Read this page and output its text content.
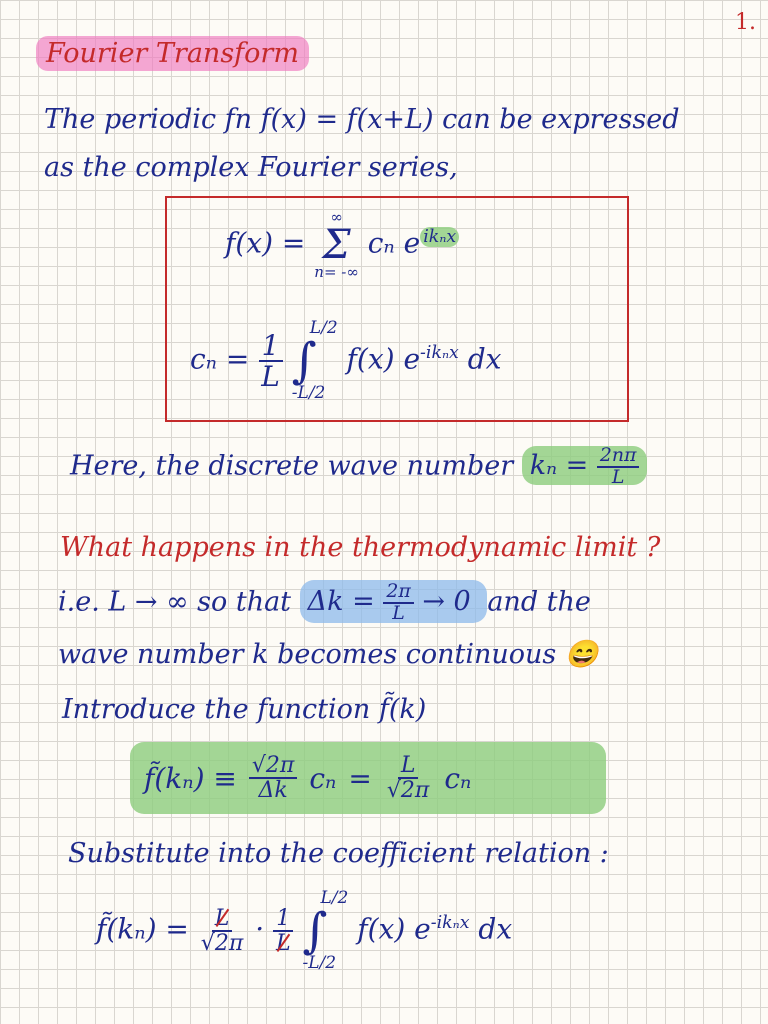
1.
Fourier Transform
The periodic fn f(x) = f(x+L) can be expressed
as the complex Fourier series,
f(x) =
∞
Σ
n= -∞
cₙ e $^{ik_nx}$
$c_n = \frac{1}{L}$

L/2
∫
-L/2
f(x) $e^{-ik_nx}$ dx
Here, the discrete wave number $k_n = \frac{2n\pi}{L}$
What happens in the thermodynamic limit ?
i.e. L → ∞ so that $\Delta k = \frac{2\pi}{L} \to 0$ and the
wave number k becomes continuous 😄
Introduce the function f̃(k)
f̃(kₙ) ≡ $\frac{√2\pi}{\Delta k}$ $c_n = \frac{L}{√2\pi}$ cₙ
Substitute into the coefficient relation :
f̃(kₙ) = $\frac{L}{√2\pi} \cdot \frac{1}{L}$

L/2
∫
-L/2
f(x) $e^{-ik_nx}$ dx
